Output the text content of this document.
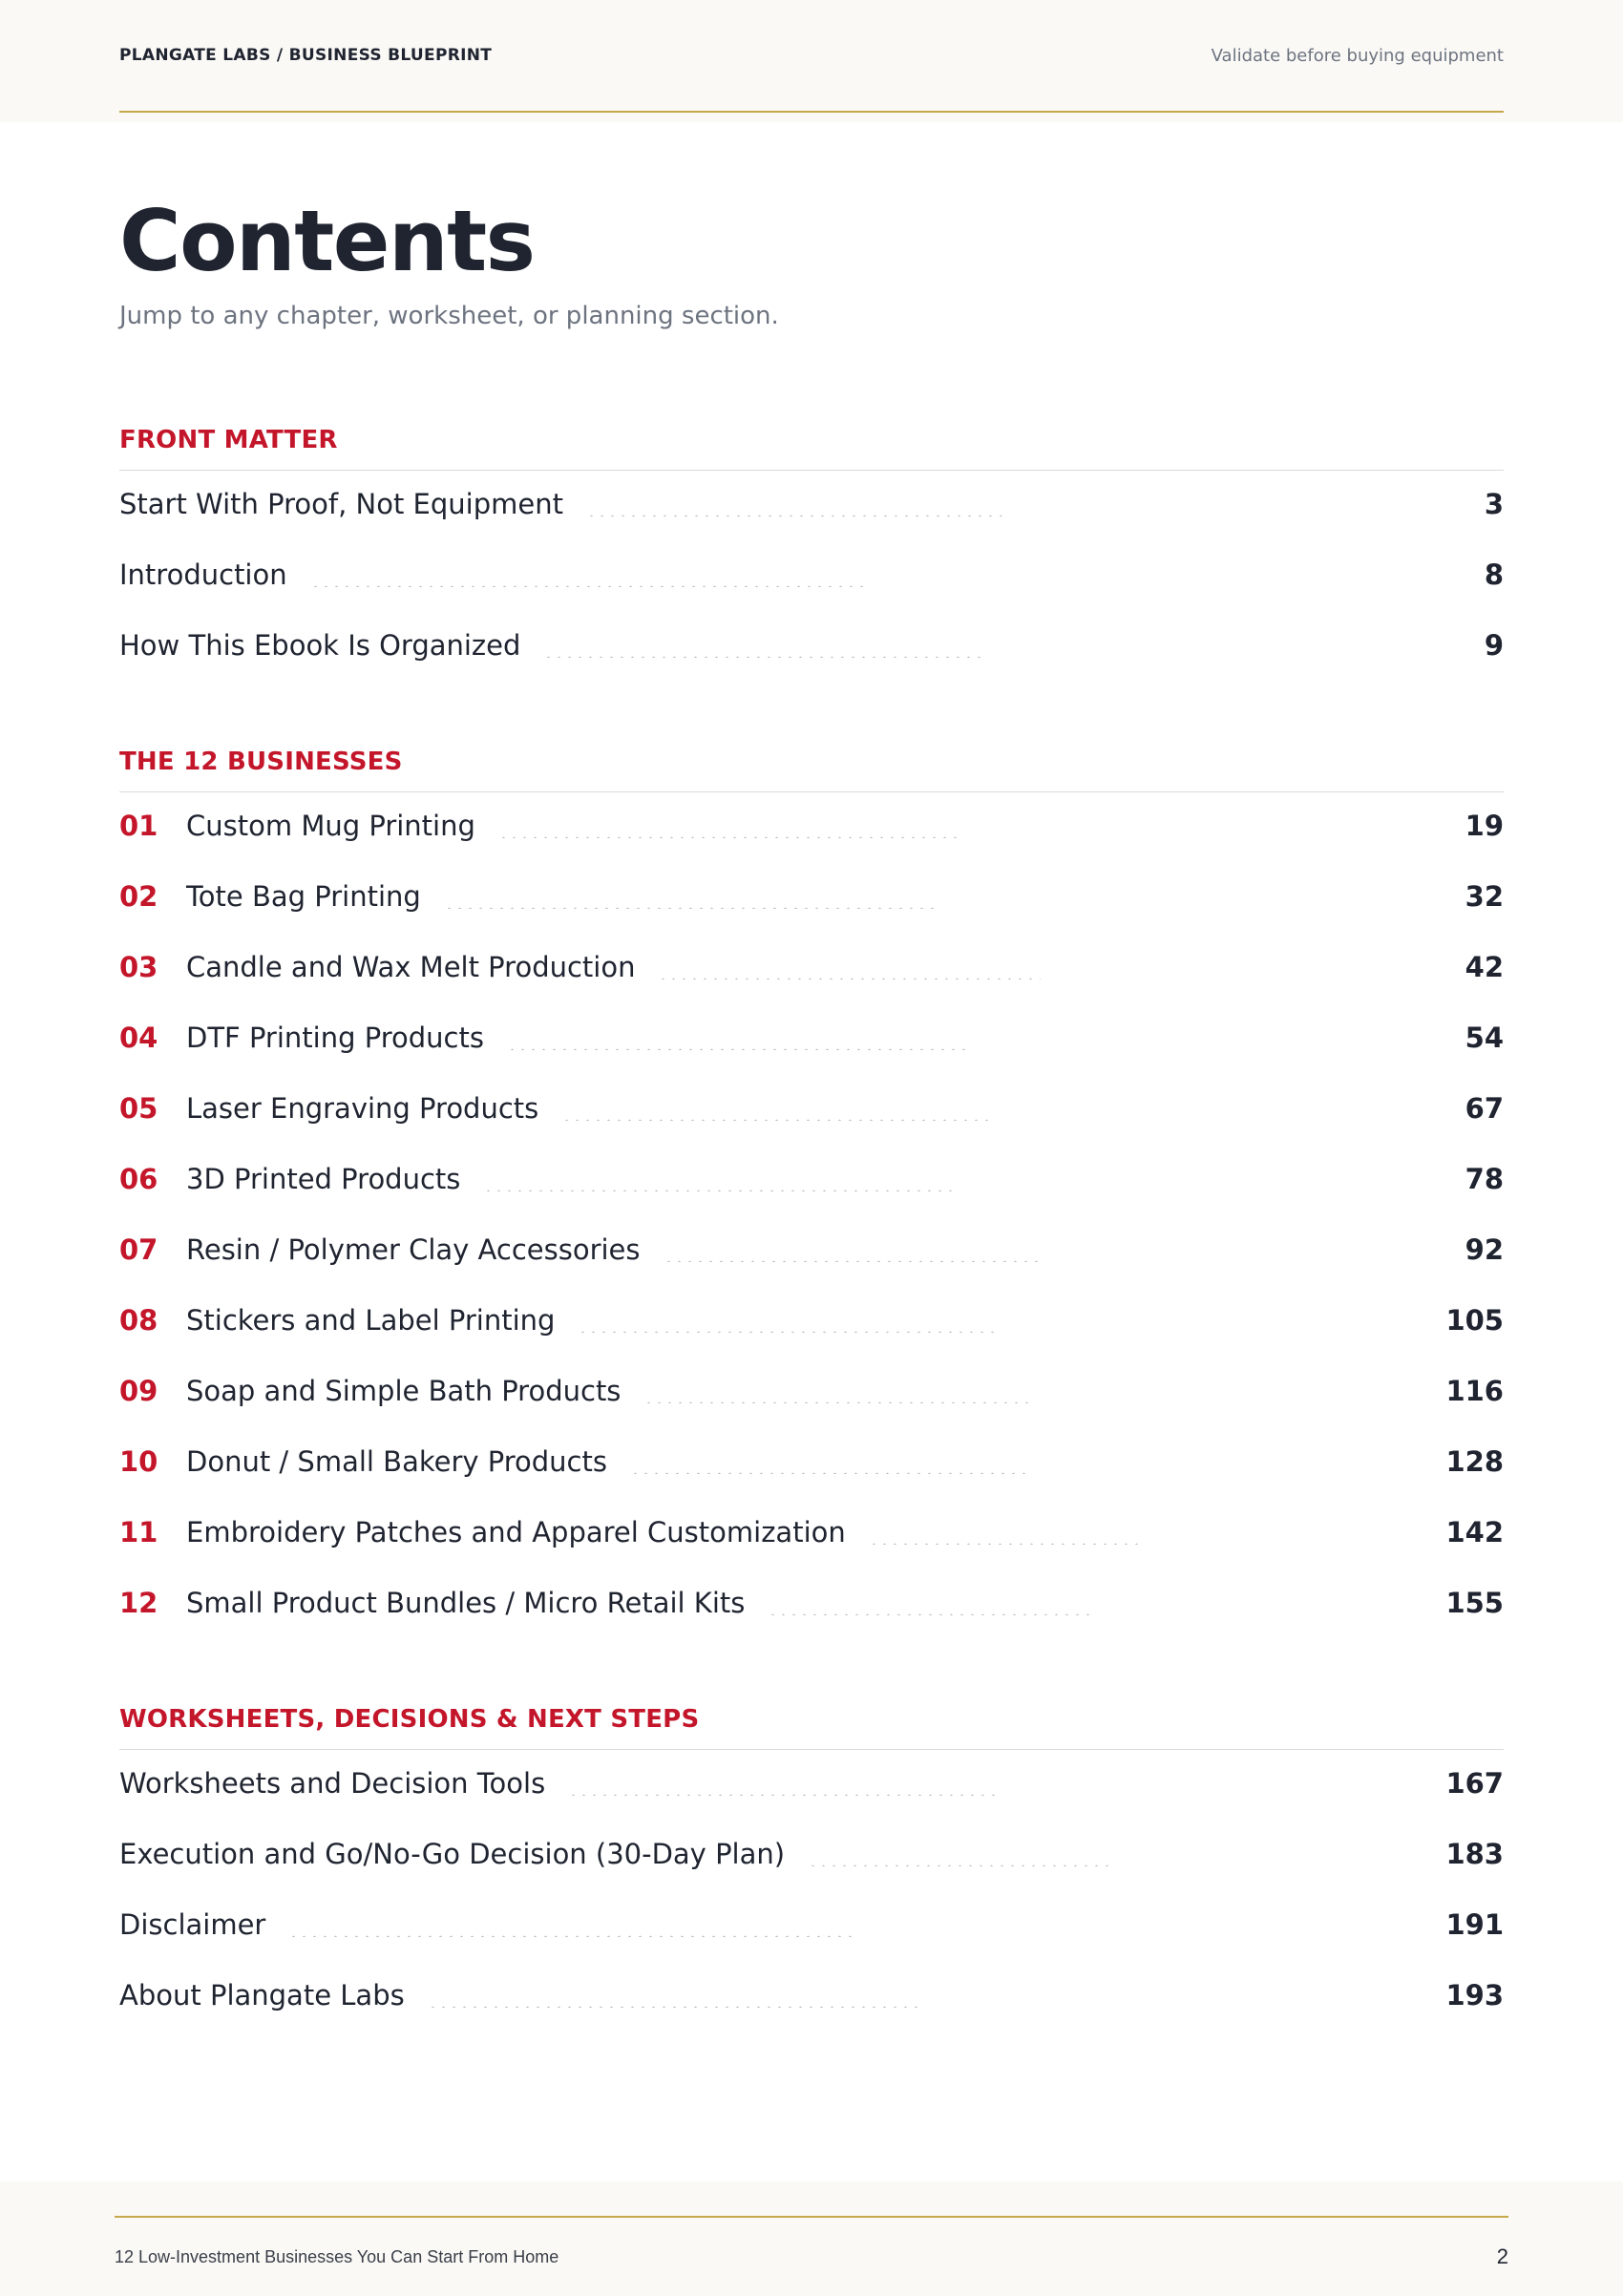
PLANGATE LABS / BUSINESS BLUEPRINT	Validate before buying equipment
Contents
Jump to any chapter, worksheet, or planning section.
FRONT MATTER
Start With Proof, Not Equipment	3
Introduction	8
How This Ebook Is Organized	9
THE 12 BUSINESSES
01	Custom Mug Printing	19
02	Tote Bag Printing	32
03	Candle and Wax Melt Production	42
04	DTF Printing Products	54
05	Laser Engraving Products	67
06	3D Printed Products	78
07	Resin / Polymer Clay Accessories	92
08	Stickers and Label Printing	105
09	Soap and Simple Bath Products	116
10	Donut / Small Bakery Products	128
11	Embroidery Patches and Apparel Customization	142
12	Small Product Bundles / Micro Retail Kits	155
WORKSHEETS, DECISIONS & NEXT STEPS
Worksheets and Decision Tools	167
Execution and Go/No-Go Decision (30-Day Plan)	183
Disclaimer	191
About Plangate Labs	193
12 Low-Investment Businesses You Can Start From Home	2
